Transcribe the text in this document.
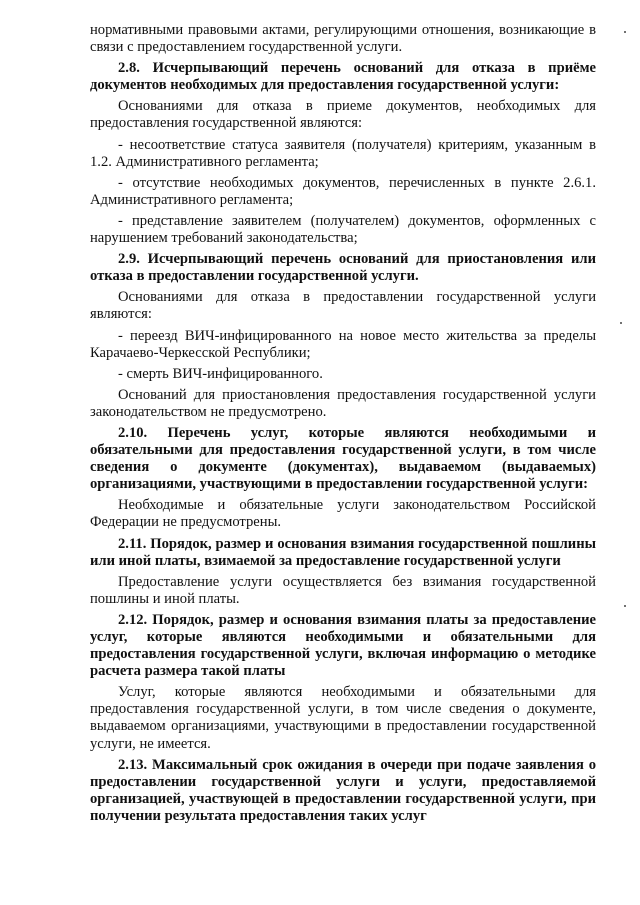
нормативными правовыми актами, регулирующими отношения, возникающие в связи с предоставлением государственной услуги.

2.8. Исчерпывающий перечень оснований для отказа в приёме документов необходимых для предоставления государственной услуги:

Основаниями для отказа в приеме документов, необходимых для предоставления государственной являются:

- несоответствие статуса заявителя (получателя) критериям, указанным в 1.2. Административного регламента;

- отсутствие необходимых документов, перечисленных в пункте 2.6.1. Административного регламента;

- представление заявителем (получателем) документов, оформленных с нарушением требований законодательства;

2.9. Исчерпывающий перечень оснований для приостановления или отказа в предоставлении государственной услуги.

Основаниями для отказа в предоставлении государственной услуги являются:

- переезд ВИЧ-инфицированного на новое место жительства за пределы Карачаево-Черкесской Республики;

- смерть ВИЧ-инфицированного.

Оснований для приостановления предоставления государственной услуги законодательством не предусмотрено.

2.10. Перечень услуг, которые являются необходимыми и обязательными для предоставления государственной услуги, в том числе сведения о документе (документах), выдаваемом (выдаваемых) организациями, участвующими в предоставлении государственной услуги:

Необходимые и обязательные услуги законодательством Российской Федерации не предусмотрены.

2.11. Порядок, размер и основания взимания государственной пошлины или иной платы, взимаемой за предоставление государственной услуги

Предоставление услуги осуществляется без взимания государственной пошлины и иной платы.

2.12. Порядок, размер и основания взимания платы за предоставление услуг, которые являются необходимыми и обязательными для предоставления государственной услуги, включая информацию о методике расчета размера такой платы

Услуг, которые являются необходимыми и обязательными для предоставления государственной услуги, в том числе сведения о документе, выдаваемом организациями, участвующими в предоставлении государственной услуги, не имеется.

2.13. Максимальный срок ожидания в очереди при подаче заявления о предоставлении государственной услуги и услуги, предоставляемой организацией, участвующей в предоставлении государственной услуги, при получении результата предоставления таких услуг
